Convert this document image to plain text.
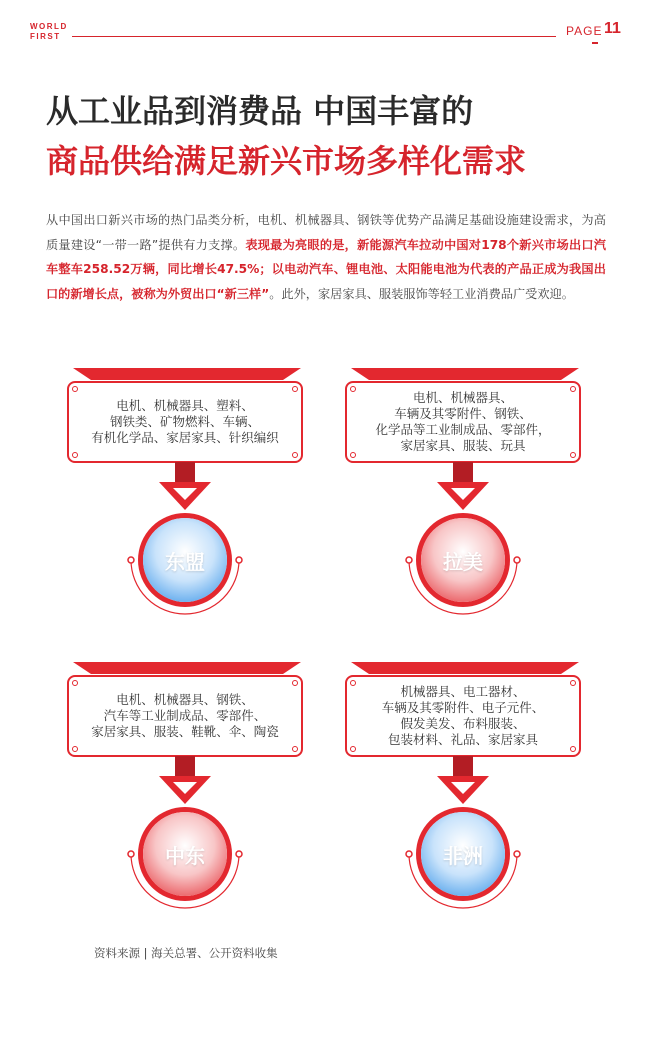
WORLD
FIRST	PAGE 11
从工业品到消费品 中国丰富的
商品供给满足新兴市场多样化需求
从中国出口新兴市场的热门品类分析，电机、机械器具、钢铁等优势产品满足基础设施建设需求，为高质量建设“一带一路”提供有力支撑。表现最为亮眼的是，新能源汽车拉动中国对178个新兴市场出口汽车整车258.52万辆，同比增长47.5%；以电动汽车、锂电池、太阳能电池为代表的产品正成为我国出口的新增长点，被称为外贸出口“新三样”。此外，家居家具、服装服饰等轻工业消费品广受欢迎。
电机、机械器具、塑料、
钢铁类、矿物燃料、车辆、
有机化学品、家居家具、针织编织
东盟
电机、机械器具、
车辆及其零附件、钢铁、
化学品等工业制成品、零部件，
家居家具、服装、玩具
拉美
电机、机械器具、钢铁、
汽车等工业制成品、零部件、
家居家具、服装、鞋靴、伞、陶瓷
中东
机械器具、电工器材、
车辆及其零附件、电子元件、
假发美发、布料服装、
包装材料、礼品、家居家具
非洲
资料来源 | 海关总署、公开资料收集
